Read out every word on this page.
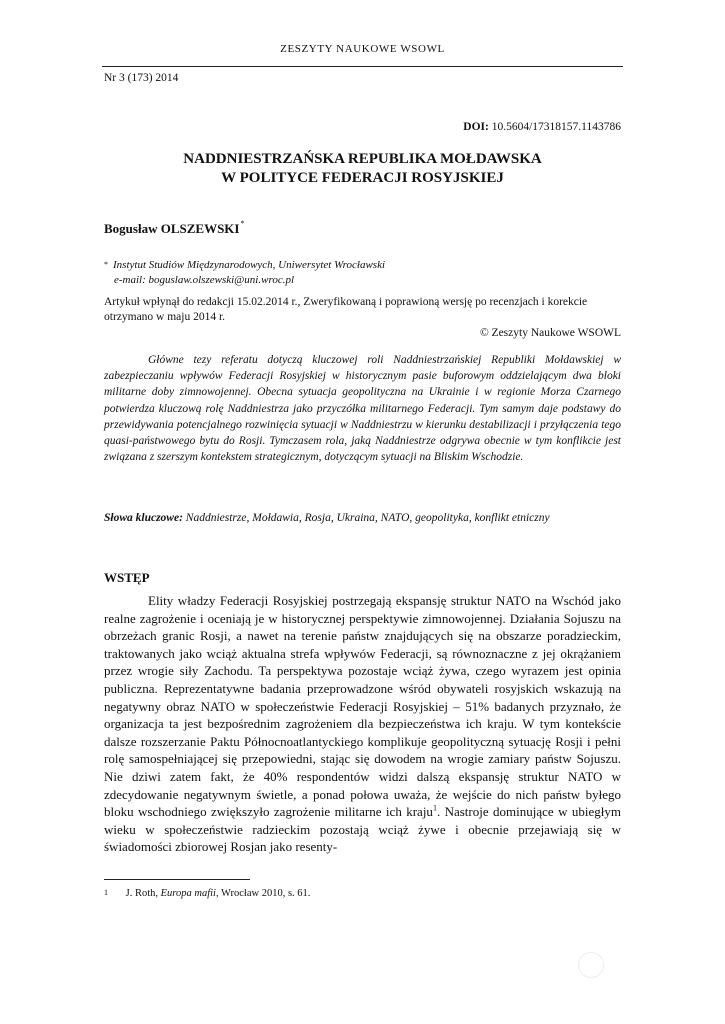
ZESZYTY NAUKOWE WSOWL
Nr 3 (173) 2014
DOI: 10.5604/17318157.1143786
NADDNIESTRZAŃSKA REPUBLIKA MOŁDAWSKA
W POLITYCE FEDERACJI ROSYJSKIEJ
Bogusław OLSZEWSKI*
* Instytut Studiów Międzynarodowych, Uniwersytet Wrocławski
e-mail: boguslaw.olszewski@uni.wroc.pl
Artykuł wpłynął do redakcji 15.02.2014 r., Zweryfikowaną i poprawioną wersję po recenzjach i korekcie otrzymano w maju 2014 r.
© Zeszyty Naukowe WSOWL

Główne tezy referatu dotyczą kluczowej roli Naddniestrzańskiej Republiki Mołdawskiej w zabezpieczaniu wpływów Federacji Rosyjskiej w historycznym pasie buforowym oddzielającym dwa bloki militarne doby zimnowojennej. Obecna sytuacja geopolityczna na Ukrainie i w regionie Morza Czarnego potwierdza kluczową rolę Naddniestrza jako przyczółka militarnego Federacji. Tym samym daje podstawy do przewidywania potencjalnego rozwinięcia sytuacji w Naddniestrzu w kierunku destabilizacji i przyłączenia tego quasi-państwowego bytu do Rosji. Tymczasem rola, jaką Naddniestrze odgrywa obecnie w tym konflikcie jest związana z szerszym kontekstem strategicznym, dotyczącym sytuacji na Bliskim Wschodzie.

Słowa kluczowe: Naddniestrze, Mołdawia, Rosja, Ukraina, NATO, geopolityka, konflikt etniczny
WSTĘP

Elity władzy Federacji Rosyjskiej postrzegają ekspansję struktur NATO na Wschód jako realne zagrożenie i oceniają je w historycznej perspektywie zimnowojennej. Działania Sojuszu na obrzeżach granic Rosji, a nawet na terenie państw znajdujących się na obszarze poradzieckim, traktowanych jako wciąż aktualna strefa wpływów Federacji, są równoznaczne z jej okrążaniem przez wrogie siły Zachodu. Ta perspektywa pozostaje wciąż żywa, czego wyrazem jest opinia publiczna. Reprezentatywne badania przeprowadzone wśród obywateli rosyjskich wskazują na negatywny obraz NATO w społeczeństwie Federacji Rosyjskiej – 51% badanych przyznało, że organizacja ta jest bezpośrednim zagrożeniem dla bezpieczeństwa ich kraju. W tym kontekście dalsze rozszerzanie Paktu Północnoatlantyckiego komplikuje geopolityczną sytuację Rosji i pełni rolę samospełniającej się przepowiedni, stając się dowodem na wrogie zamiary państw Sojuszu. Nie dziwi zatem fakt, że 40% respondentów widzi dalszą ekspansję struktur NATO w zdecydowanie negatywnym świetle, a ponad połowa uważa, że wejście do nich państw byłego bloku wschodniego zwiększyło zagrożenie militarne ich kraju$^1$. Nastroje dominujące w ubiegłym wieku w społeczeństwie radzieckim pozostają wciąż żywe i obecnie przejawiają się w świadomości zbiorowej Rosjan jako resenty-

1 J. Roth, Europa mafii, Wrocław 2010, s. 61.
